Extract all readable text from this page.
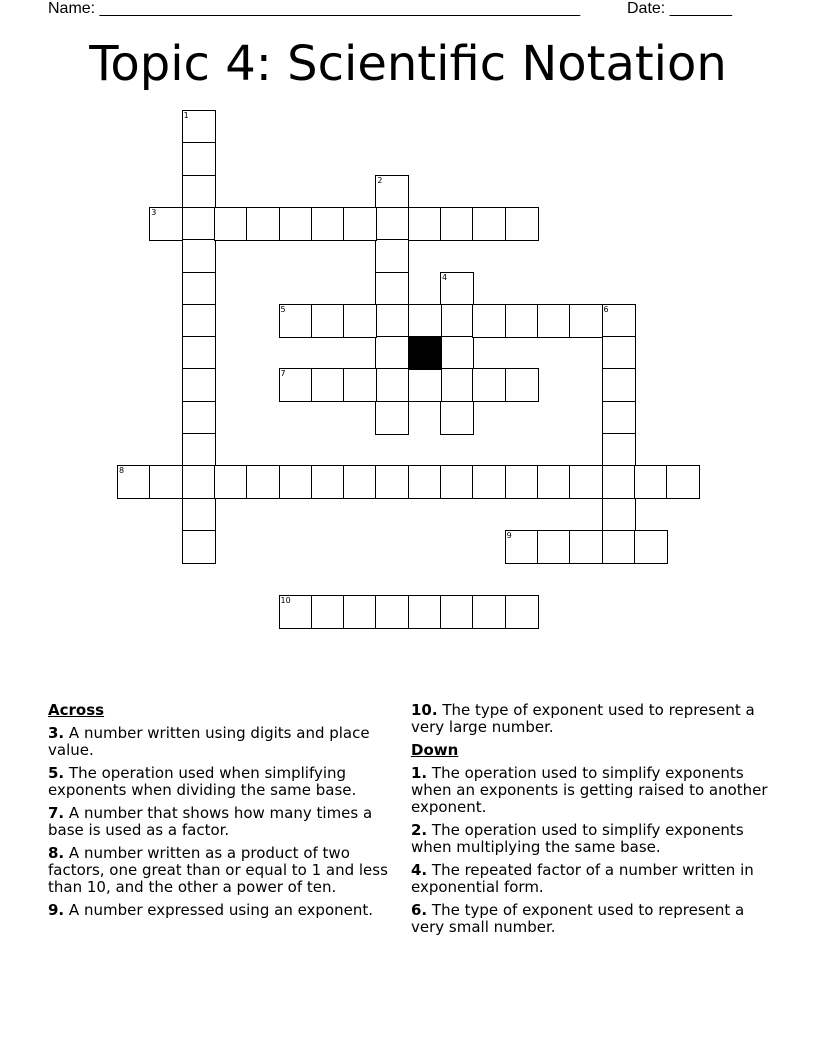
Name: ______________________________________________________	Date: _______
Topic 4: Scientific Notation
1
2
3
4
5	6
7
8
9
10
Across
3. A number written using digits and place value.
5. The operation used when simplifying exponents when dividing the same base.
7. A number that shows how many times a base is used as a factor.
8. A number written as a product of two factors, one great than or equal to 1 and less than 10, and the other a power of ten.
9. A number expressed using an exponent.
10. The type of exponent used to represent a very large number.
Down
1. The operation used to simplify exponents when an exponents is getting raised to another exponent.
2. The operation used to simplify exponents when multiplying the same base.
4. The repeated factor of a number written in exponential form.
6. The type of exponent used to represent a very small number.
